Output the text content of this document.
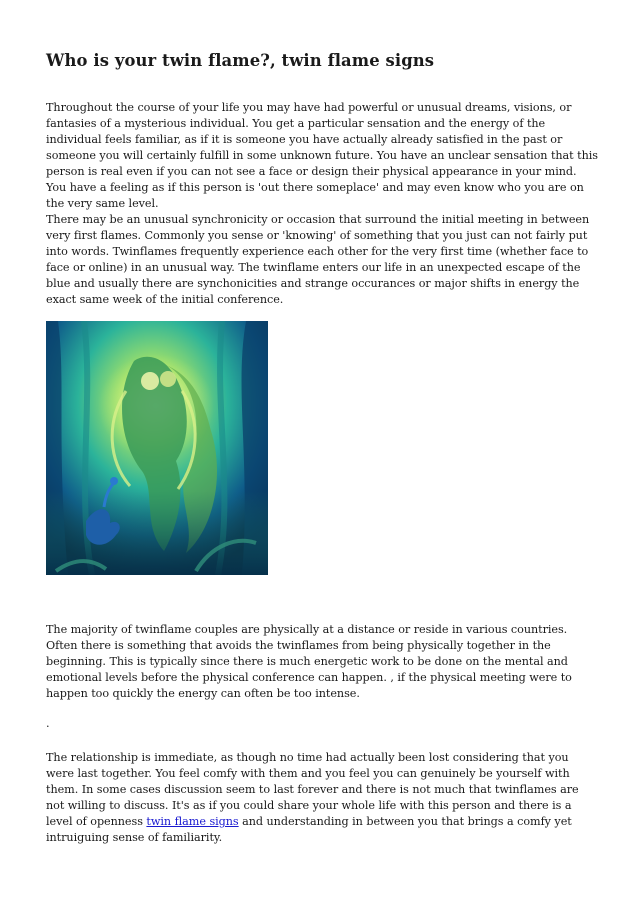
Who is your twin flame?, twin flame signs

Throughout the course of your life you may have had powerful or unusual dreams, visions, or fantasies of a mysterious individual. You get a particular sensation and the energy of the individual feels familiar, as if it is someone you have actually already satisfied in the past or someone you will certainly fulfill in some unknown future. You have an unclear sensation that this person is real even if you can not see a face or design their physical appearance in your mind. You have a feeling as if this person is 'out there someplace' and may even know who you are on the very same level.

There may be an unusual synchronicity or occasion that surround the initial meeting in between very first flames. Commonly you sense or 'knowing' of something that you just can not fairly put into words. Twinflames frequently experience each other for the very first time (whether face to face or online) in an unusual way. The twinflame enters our life in an unexpected escape of the blue and usually there are synchonicities and strange occurances or major shifts in energy the exact same week of the initial conference.

The majority of twinflame couples are physically at a distance or reside in various countries. Often there is something that avoids the twinflames from being physically together in the beginning. This is typically since there is much energetic work to be done on the mental and emotional levels before the physical conference can happen. , if the physical meeting were to happen too quickly the energy can often be too intense.

.

The relationship is immediate, as though no time had actually been lost considering that you were last together. You feel comfy with them and you feel you can genuinely be yourself with them. In some cases discussion seem to last forever and there is not much that twinflames are not willing to discuss. It's as if you could share your whole life with this person and there is a level of openness twin flame signs and understanding in between you that brings a comfy yet intruiguing sense of familiarity.
